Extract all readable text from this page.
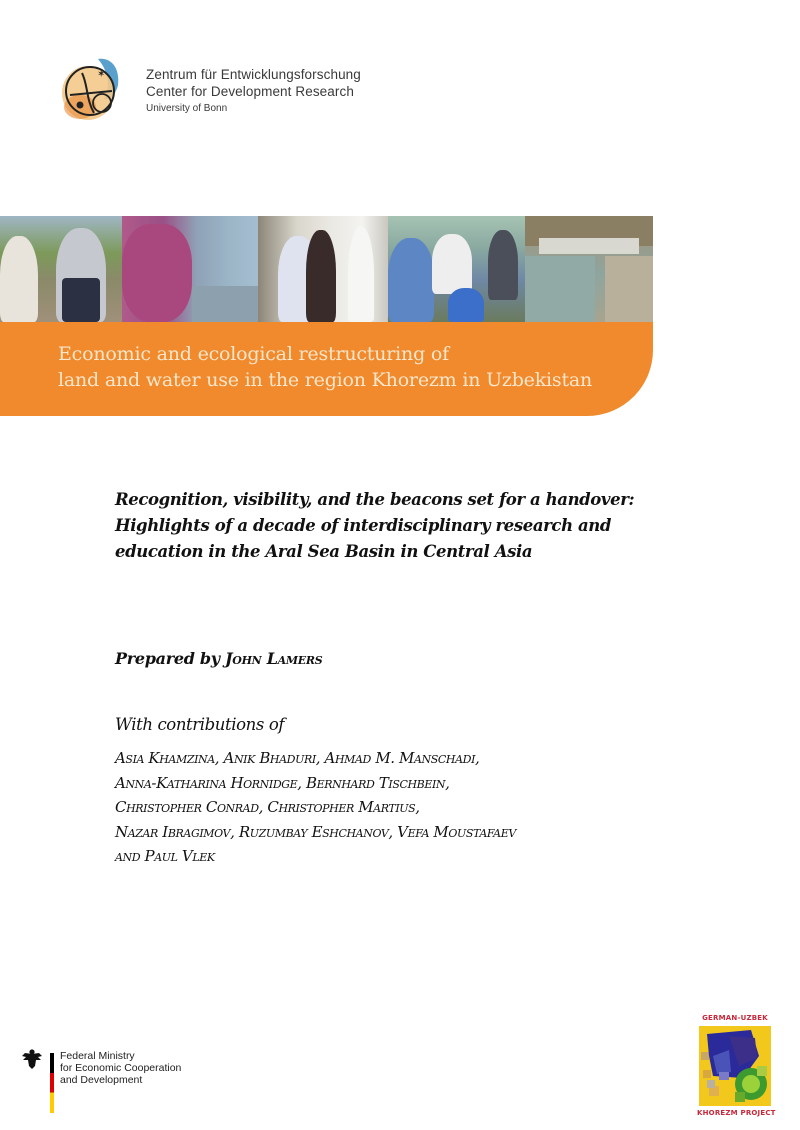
✶	Zentrum für Entwicklungsforschung
Center for Development Research
University of Bonn
Economic and ecological restructuring of
land and water use in the region Khorezm in Uzbekistan
Recognition, visibility, and the beacons set for a handover:
Highlights of a decade of interdisciplinary research and
education in the Aral Sea Basin in Central Asia
Prepared by John Lamers
With contributions of
Asia Khamzina, Anik Bhaduri, Ahmad M. Manschadi,
Anna-Katharina Hornidge, Bernhard Tischbein,
Christopher Conrad, Christopher Martius,
Nazar Ibragimov, Ruzumbay Eshchanov, Vefa Moustafaev
and Paul Vlek
Federal Ministry
for Economic Cooperation
and Development
GERMAN-UZBEK
KHOREZM PROJECT
